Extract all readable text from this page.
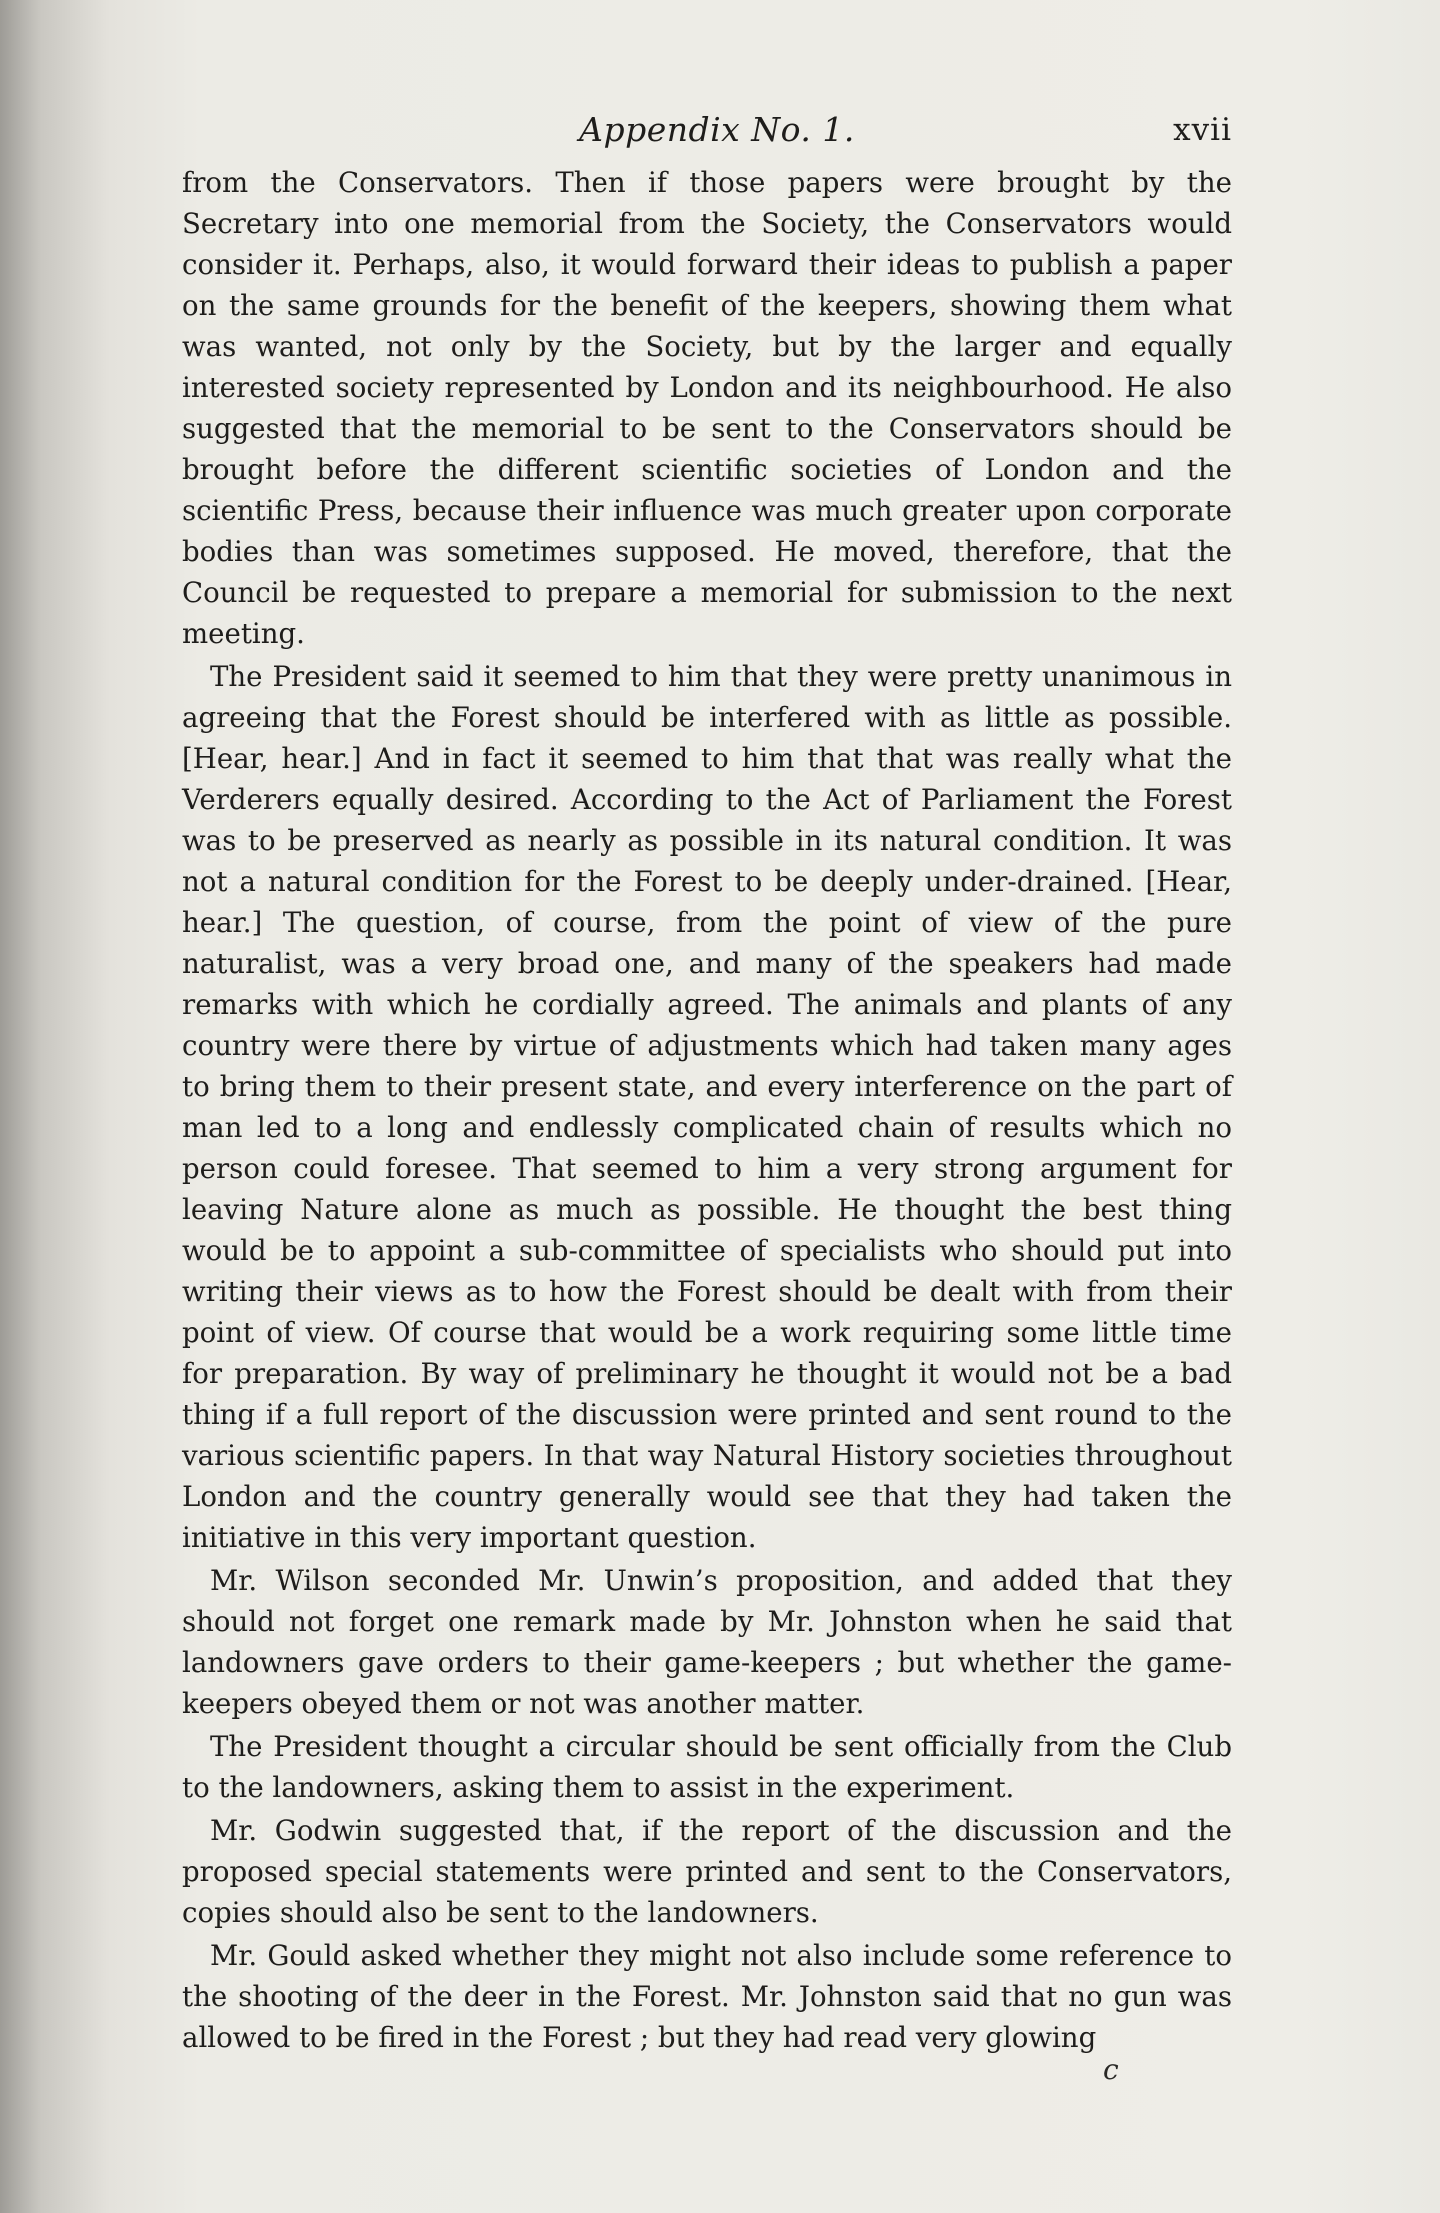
Appendix No. 1.	xvii

from the Conservators. Then if those papers were brought by the Secretary into one memorial from the Society, the Conservators would consider it. Perhaps, also, it would forward their ideas to publish a paper on the same grounds for the benefit of the keepers, showing them what was wanted, not only by the Society, but by the larger and equally interested society represented by London and its neighbourhood. He also suggested that the memorial to be sent to the Conservators should be brought before the different scientific societies of London and the scientific Press, because their influence was much greater upon corporate bodies than was sometimes supposed. He moved, therefore, that the Council be requested to prepare a memorial for submission to the next meeting.

The President said it seemed to him that they were pretty unanimous in agreeing that the Forest should be interfered with as little as possible. [Hear, hear.] And in fact it seemed to him that that was really what the Verderers equally desired. According to the Act of Parliament the Forest was to be preserved as nearly as possible in its natural condition. It was not a natural condition for the Forest to be deeply under-drained. [Hear, hear.] The question, of course, from the point of view of the pure naturalist, was a very broad one, and many of the speakers had made remarks with which he cordially agreed. The animals and plants of any country were there by virtue of adjustments which had taken many ages to bring them to their present state, and every interference on the part of man led to a long and endlessly complicated chain of results which no person could foresee. That seemed to him a very strong argument for leaving Nature alone as much as possible. He thought the best thing would be to appoint a sub-committee of specialists who should put into writing their views as to how the Forest should be dealt with from their point of view. Of course that would be a work requiring some little time for preparation. By way of preliminary he thought it would not be a bad thing if a full report of the discussion were printed and sent round to the various scientific papers. In that way Natural History societies throughout London and the country generally would see that they had taken the initiative in this very important question.

Mr. Wilson seconded Mr. Unwin’s proposition, and added that they should not forget one remark made by Mr. Johnston when he said that landowners gave orders to their game-keepers ; but whether the game-keepers obeyed them or not was another matter.

The President thought a circular should be sent officially from the Club to the landowners, asking them to assist in the experiment.

Mr. Godwin suggested that, if the report of the discussion and the proposed special statements were printed and sent to the Conservators, copies should also be sent to the landowners.

Mr. Gould asked whether they might not also include some reference to the shooting of the deer in the Forest. Mr. Johnston said that no gun was allowed to be fired in the Forest ; but they had read very glowing

c
